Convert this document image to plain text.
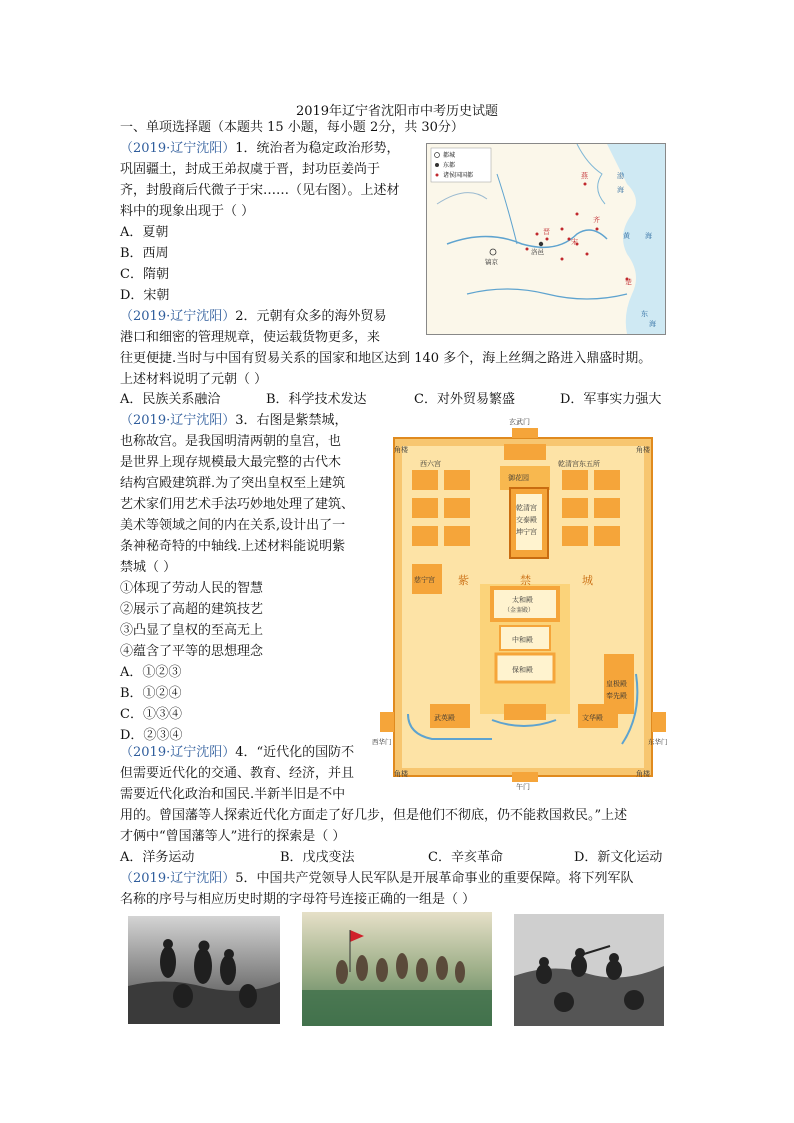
2019年辽宁省沈阳市中考历史试题
一、单项选择题（本题共 15 小题，每小题 2分，共 30分）
（2019·辽宁沈阳）1．统治者为稳定政治形势，
巩固疆土，封成王弟叔虞于晋，封功臣姜尚于
齐，封殷商后代微子于宋……（见右图）。上述材
料中的现象出现于（ ）
A．夏朝
B．西周
C．隋朝
D．宋朝
都城
东都
诸侯国国都	燕	渤
海
晋
齐
洛邑
宋
镐京
黄 海
楚
东
海
（2019·辽宁沈阳）2．元朝有众多的海外贸易
港口和细密的管理规章，使运载货物更多，来
往更便捷.当时与中国有贸易关系的国家和地区达到 140 多个，海上丝绸之路进入鼎盛时期。
上述材料说明了元朝（ ）
A．民族关系融洽	B．科学技术发达	C．对外贸易繁盛	D．军事实力强大
（2019·辽宁沈阳）3．右图是紫禁城，
也称故宫。是我国明清两朝的皇宫，也
是世界上现存规模最大最完整的古代木
结构宫殿建筑群.为了突出皇权至上建筑
艺术家们用艺术手法巧妙地处理了建筑、
美术等领域之间的内在关系,设计出了一
条神秘奇特的中轴线.上述材料能说明紫
禁城（ ）
①体现了劳动人民的智慧
②展示了高超的建筑技艺
③凸显了皇权的至高无上
④蕴含了平等的思想理念
A．①②③
B．①②④
C．①③④
D．②③④
玄武门
角楼	角楼
角楼	角楼
西六宫	乾清宫东五所
御花园
乾清宫
交泰殿
坤宁宫
紫	禁	城
太和殿
（金銮殿）
中和殿
保和殿
武英殿	文华殿
午门
西华门	东华门
慈宁宫
皇极殿
奉先殿
（2019·辽宁沈阳）4．“近代化的国防不
但需要近代化的交通、教育、经济，并且
需要近代化政治和国民.半新半旧是不中
用的。曾国藩等人探索近代化方面走了好几步，但是他们不彻底，仍不能救国救民。”上述
才俩中“曾国藩等人”进行的探索是（ ）
A．洋务运动	B．戊戌变法	C．辛亥革命	D．新文化运动
（2019·辽宁沈阳）5．中国共产党领导人民军队是开展革命事业的重要保障。将下列军队
名称的序号与相应历史时期的字母符号连接正确的一组是（ ）
